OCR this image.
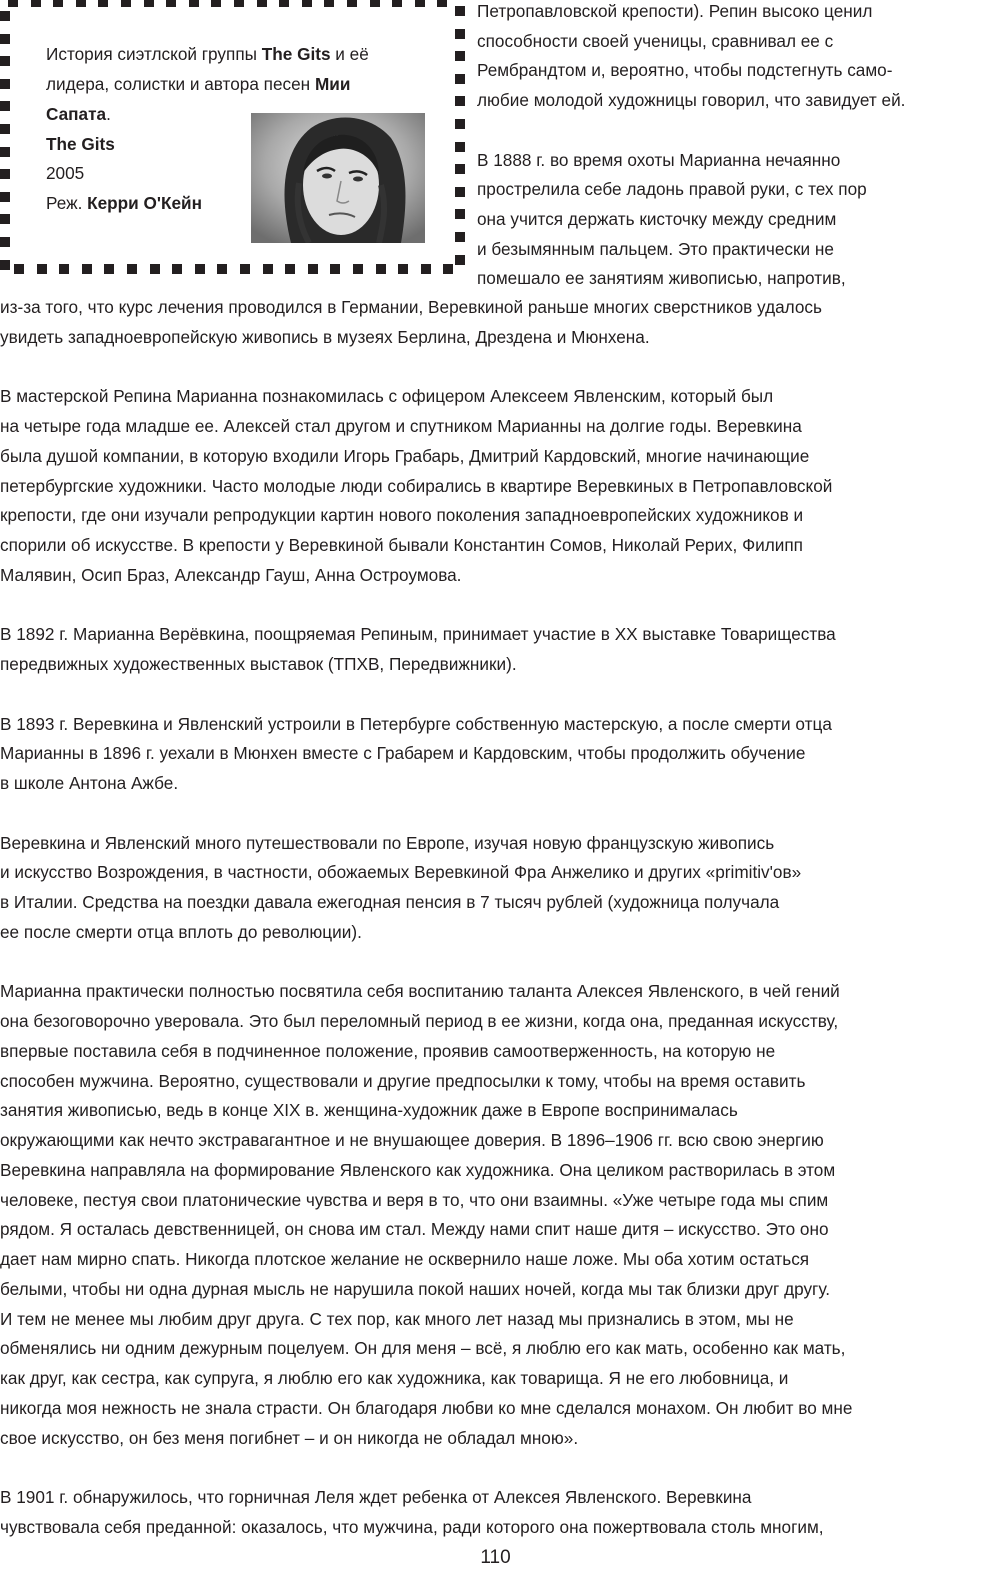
История сиэтлской группы The Gits и её
лидера, солистки и автора песен Мии
Сапата.
The Gits
2005
Реж. Керри О'Кейн
Петропавловской крепости). Репин высоко ценил
способности своей ученицы, сравнивал ее с
Рембрандтом и, вероятно, чтобы подстегнуть само-
любие молодой художницы говорил, что завидует ей.
В 1888 г. во время охоты Марианна нечаянно
прострелила себе ладонь правой руки, с тех пор
она учится держать кисточку между средним
и безымянным пальцем. Это практически не
помешало ее занятиям живописью, напротив,
из-за того, что курс лечения проводился в Германии, Веревкиной раньше многих сверстников удалось
увидеть западноевропейскую живопись в музеях Берлина, Дрездена и Мюнхена.
В мастерской Репина Марианна познакомилась с офицером Алексеем Явленским, который был
на четыре года младше ее. Алексей стал другом и спутником Марианны на долгие годы. Веревкина
была душой компании, в которую входили Игорь Грабарь, Дмитрий Кардовский, многие начинающие
петербургские художники. Часто молодые люди собирались в квартире Веревкиных в Петропавловской
крепости, где они изучали репродукции картин нового поколения западноевропейских художников и
спорили об искусстве. В крепости у Веревкиной бывали Константин Сомов, Николай Рерих, Филипп
Малявин, Осип Браз, Александр Гауш, Анна Остроумова.
В 1892 г. Марианна Верёвкина, поощряемая Репиным, принимает участие в XX выставке Товарищества
передвижных художественных выставок (ТПХВ, Передвижники).
В 1893 г. Веревкина и Явленский устроили в Петербурге собственную мастерскую, а после смерти отца
Марианны в 1896 г. уехали в Мюнхен вместе с Грабарем и Кардовским, чтобы продолжить обучение
в школе Антона Ажбе.
Веревкина и Явленский много путешествовали по Европе, изучая новую французскую живопись
и искусство Возрождения, в частности, обожаемых Веревкиной Фра Анжелико и других «primitiv'ов»
в Италии. Средства на поездки давала ежегодная пенсия в 7 тысяч рублей (художница получала
ее после смерти отца вплоть до революции).
Марианна практически полностью посвятила себя воспитанию таланта Алексея Явленского, в чей гений
она безоговорочно уверовала. Это был переломный период в ее жизни, когда она, преданная искусству,
впервые поставила себя в подчиненное положение, проявив самоотверженность, на которую не
способен мужчина. Вероятно, существовали и другие предпосылки к тому, чтобы на время оставить
занятия живописью, ведь в конце XIX в. женщина-художник даже в Европе воспринималась
окружающими как нечто экстравагантное и не внушающее доверия. В 1896–1906 гг. всю свою энергию
Веревкина направляла на формирование Явленского как художника. Она целиком растворилась в этом
человеке, пестуя свои платонические чувства и веря в то, что они взаимны. «Уже четыре года мы спим
рядом. Я осталась девственницей, он снова им стал. Между нами спит наше дитя – искусство. Это оно
дает нам мирно спать. Никогда плотское желание не осквернило наше ложе. Мы оба хотим остаться
белыми, чтобы ни одна дурная мысль не нарушила покой наших ночей, когда мы так близки друг другу.
И тем не менее мы любим друг друга. С тех пор, как много лет назад мы признались в этом, мы не
обменялись ни одним дежурным поцелуем. Он для меня – всё, я люблю его как мать, особенно как мать,
как друг, как сестра, как супруга, я люблю его как художника, как товарища. Я не его любовница, и
никогда моя нежность не знала страсти. Он благодаря любви ко мне сделался монахом. Он любит во мне
свое искусство, он без меня погибнет – и он никогда не обладал мною».
В 1901 г. обнаружилось, что горничная Леля ждет ребенка от Алексея Явленского. Веревкина
чувствовала себя преданной: оказалось, что мужчина, ради которого она пожертвовала столь многим,
110
